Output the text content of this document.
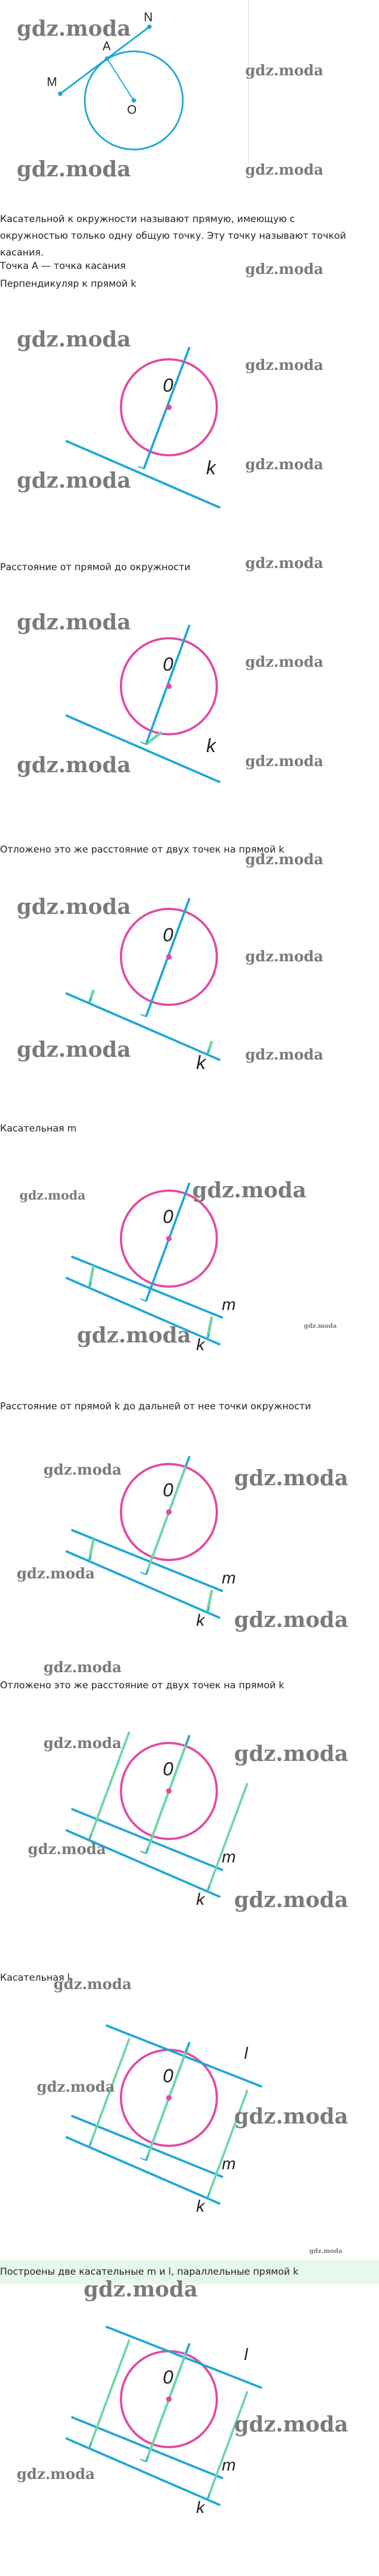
N
A
M
O
gdz.moda
gdz.moda
gdz.moda	gdz.moda
Касательной к окружности называют прямую, имеющую с окружностью только одну общую точку. Эту точку называют точкой касания.
Точка A — точка касания	gdz.moda
Перпендикуляр к прямой k
0
k
gdz.moda
gdz.moda
gdz.moda
gdz.moda
Расстояние от прямой до окружности	gdz.moda
0
k
gdz.moda
gdz.moda
gdz.moda	gdz.moda
Отложено это же расстояние от двух точек на прямой k
gdz.moda
0
k
gdz.moda
gdz.moda
gdz.moda	gdz.moda
Касательная m
0
m
k
gdz.moda	gdz.moda
gdz.moda	gdz.moda
Расстояние от прямой k до дальней от нее точки окружности
0
m
k
gdz.moda	gdz.moda
gdz.moda
gdz.moda
Отложено это же расстояние от двух точек на прямой k
gdz.moda
0
m
k
gdz.moda	gdz.moda
gdz.moda
gdz.moda
Касательная l
gdz.moda
0
l
m
k
gdz.moda
gdz.moda
gdz.moda
Построены две касательные m и l, параллельные прямой k
gdz.moda
0
l
m
k
gdz.moda
gdz.moda
